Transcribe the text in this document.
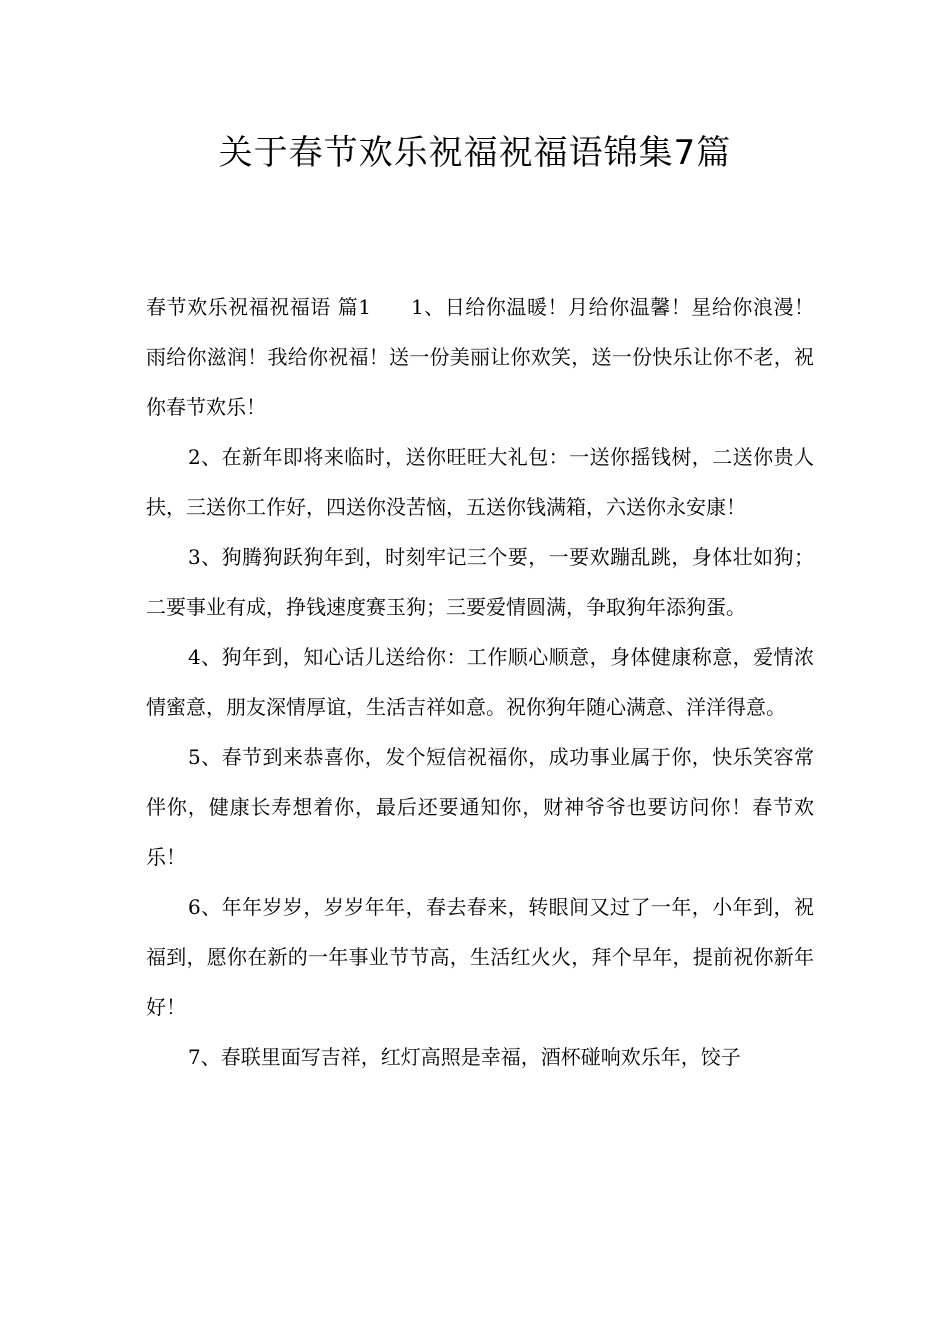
关于春节欢乐祝福祝福语锦集7篇

春节欢乐祝福祝福语 篇1 1、日给你温暖！月给你温馨！星给你浪漫！雨给你滋润！我给你祝福！送一份美丽让你欢笑，送一份快乐让你不老，祝你春节欢乐！

2、在新年即将来临时，送你旺旺大礼包：一送你摇钱树，二送你贵人扶，三送你工作好，四送你没苦恼，五送你钱满箱，六送你永安康！

3、狗腾狗跃狗年到，时刻牢记三个要，一要欢蹦乱跳，身体壮如狗；二要事业有成，挣钱速度赛玉狗；三要爱情圆满，争取狗年添狗蛋。

4、狗年到，知心话儿送给你：工作顺心顺意，身体健康称意，爱情浓情蜜意，朋友深情厚谊，生活吉祥如意。祝你狗年随心满意、洋洋得意。

5、春节到来恭喜你，发个短信祝福你，成功事业属于你，快乐笑容常伴你，健康长寿想着你，最后还要通知你，财神爷爷也要访问你！春节欢乐！

6、年年岁岁，岁岁年年，春去春来，转眼间又过了一年，小年到，祝福到，愿你在新的一年事业节节高，生活红火火，拜个早年，提前祝你新年好！

7、春联里面写吉祥，红灯高照是幸福，酒杯碰响欢乐年，饺子
